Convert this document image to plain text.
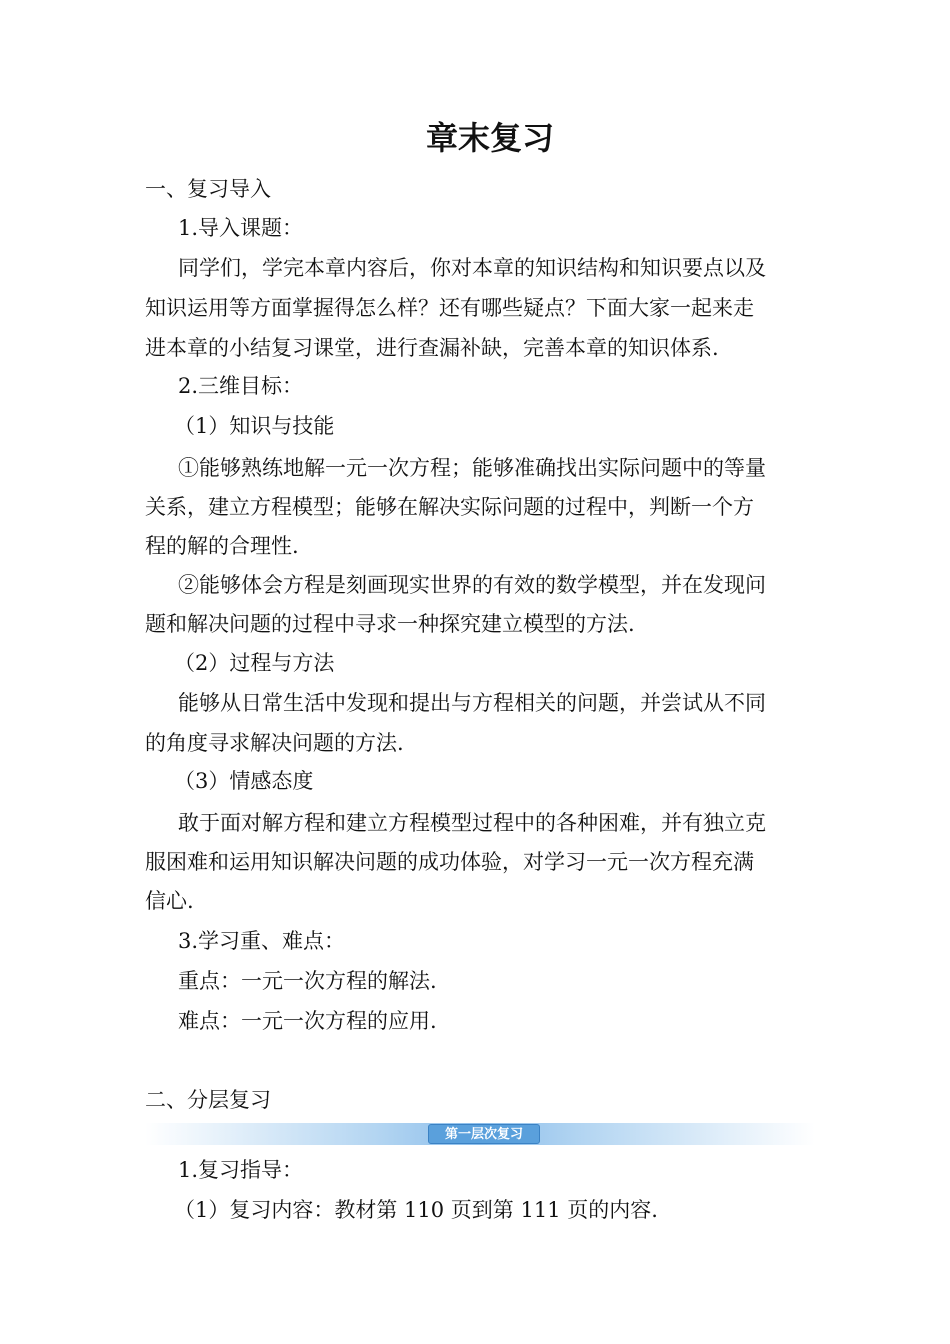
章末复习

一、复习导入

1.导入课题：

同学们，学完本章内容后，你对本章的知识结构和知识要点以及

知识运用等方面掌握得怎么样？还有哪些疑点？下面大家一起来走

进本章的小结复习课堂，进行查漏补缺，完善本章的知识体系.

2.三维目标：

（1）知识与技能

①能够熟练地解一元一次方程；能够准确找出实际问题中的等量

关系，建立方程模型；能够在解决实际问题的过程中，判断一个方

程的解的合理性.

②能够体会方程是刻画现实世界的有效的数学模型，并在发现问

题和解决问题的过程中寻求一种探究建立模型的方法.

（2）过程与方法

能够从日常生活中发现和提出与方程相关的问题，并尝试从不同

的角度寻求解决问题的方法.

（3）情感态度

敢于面对解方程和建立方程模型过程中的各种困难，并有独立克

服困难和运用知识解决问题的成功体验，对学习一元一次方程充满

信心.

3.学习重、难点：

重点：一元一次方程的解法.

难点：一元一次方程的应用.

二、分层复习

第一层次复习

1.复习指导：

（1）复习内容：教材第 110 页到第 111 页的内容.
